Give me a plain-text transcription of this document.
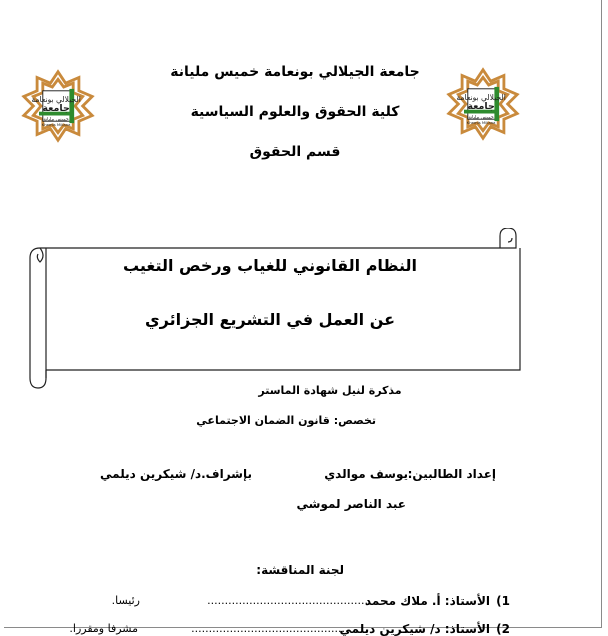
الجيلالي بونعامة
جامعة
خميس مليانة
Khemis Miliana
الجيلالي بونعامة
جامعة
خميس مليانة
Khemis Miliana
جامعة الجيلالي بونعامة خميس مليانة
كلية الحقوق والعلوم السياسية
قسم الحقوق
النظام القانوني للغياب ورخص التغيب
عن العمل في التشريع الجزائري
مذكرة لنيل شهادة الماستر
تخصص: قانون الضمان الاجتماعي
إعداد الطالبين:
يوسف موالدي
بإشراف.د/ شيكرين ديلمي
عبد الناصر لموشي
لجنة المناقشة:
1)
الأستاذ: أ. ملاك محمد
..............................................
رئيسا.
2)
الأستاذ: د/ شيكرين ديلمي
..............................................
مشرفا ومقررا.
